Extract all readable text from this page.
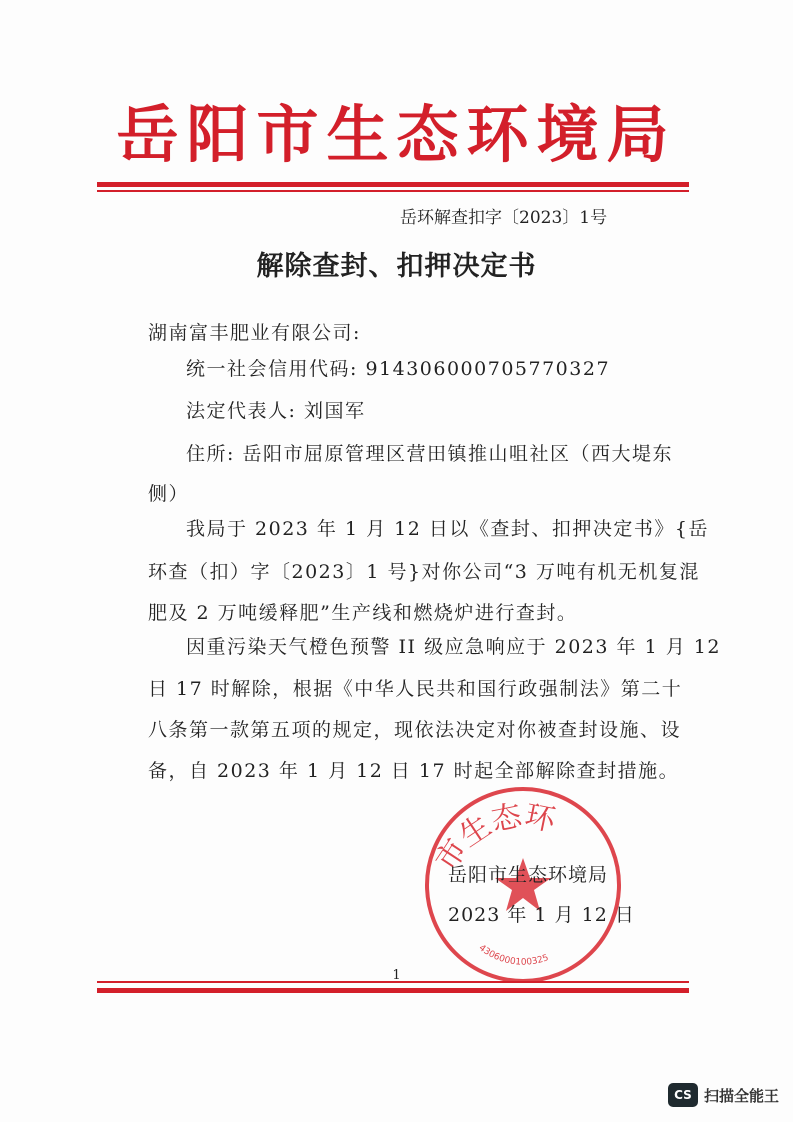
岳阳市生态环境局
岳环解查扣字〔2023〕1号
解除查封、扣押决定书
湖南富丰肥业有限公司:
统一社会信用代码: 914306000705770327
法定代表人: 刘国军
住所: 岳阳市屈原管理区营田镇推山咀社区（西大堤东
侧）
我局于 2023 年 1 月 12 日以《查封、扣押决定书》{岳
环查（扣）字〔2023〕1 号}对你公司“3 万吨有机无机复混
肥及 2 万吨缓释肥”生产线和燃烧炉进行查封。
因重污染天气橙色预警 II 级应急响应于 2023 年 1 月 12
日 17 时解除，根据《中华人民共和国行政强制法》第二十
八条第一款第五项的规定，现依法决定对你被查封设施、设
备，自 2023 年 1 月 12 日 17 时起全部解除查封措施。
市生态环
4306000100325
岳阳市生态环境局
2023 年 1 月 12 日
1
CS 扫描全能王
